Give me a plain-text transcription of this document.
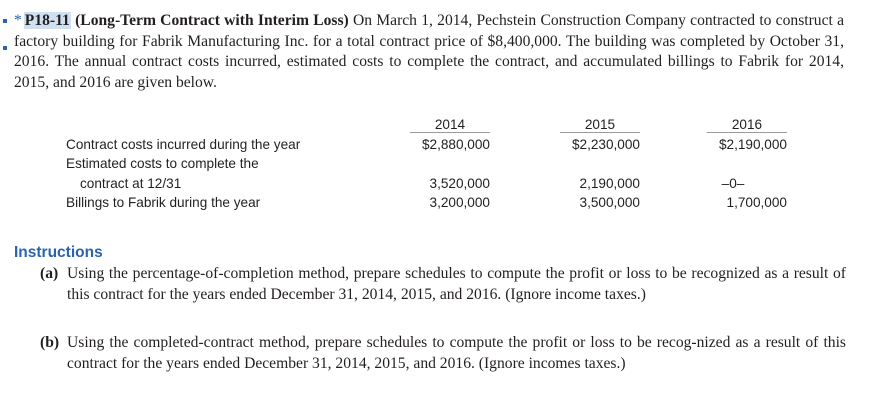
* P18-11 (Long-Term Contract with Interim Loss) On March 1, 2014, Pechstein Construction Company contracted to construct a factory building for Fabrik Manufacturing Inc. for a total contract price of $8,400,000. The building was completed by October 31, 2016. The annual contract costs incurred, estimated costs to complete the contract, and accumulated billings to Fabrik for 2014, 2015, and 2016 are given below.
2014	2015	2016
Contract costs incurred during the year	$2,880,000	$2,230,000	$2,190,000
Estimated costs to complete the
contract at 12/31	3,520,000	2,190,000	–0–
Billings to Fabrik during the year	3,200,000	3,500,000	1,700,000
Instructions
(a) Using the percentage-of-completion method, prepare schedules to compute the profit or loss to be recognized as a result of this contract for the years ended December 31, 2014, 2015, and 2016. (Ignore income taxes.)
(b) Using the completed-contract method, prepare schedules to compute the profit or loss to be recog-nized as a result of this contract for the years ended December 31, 2014, 2015, and 2016. (Ignore incomes taxes.)
